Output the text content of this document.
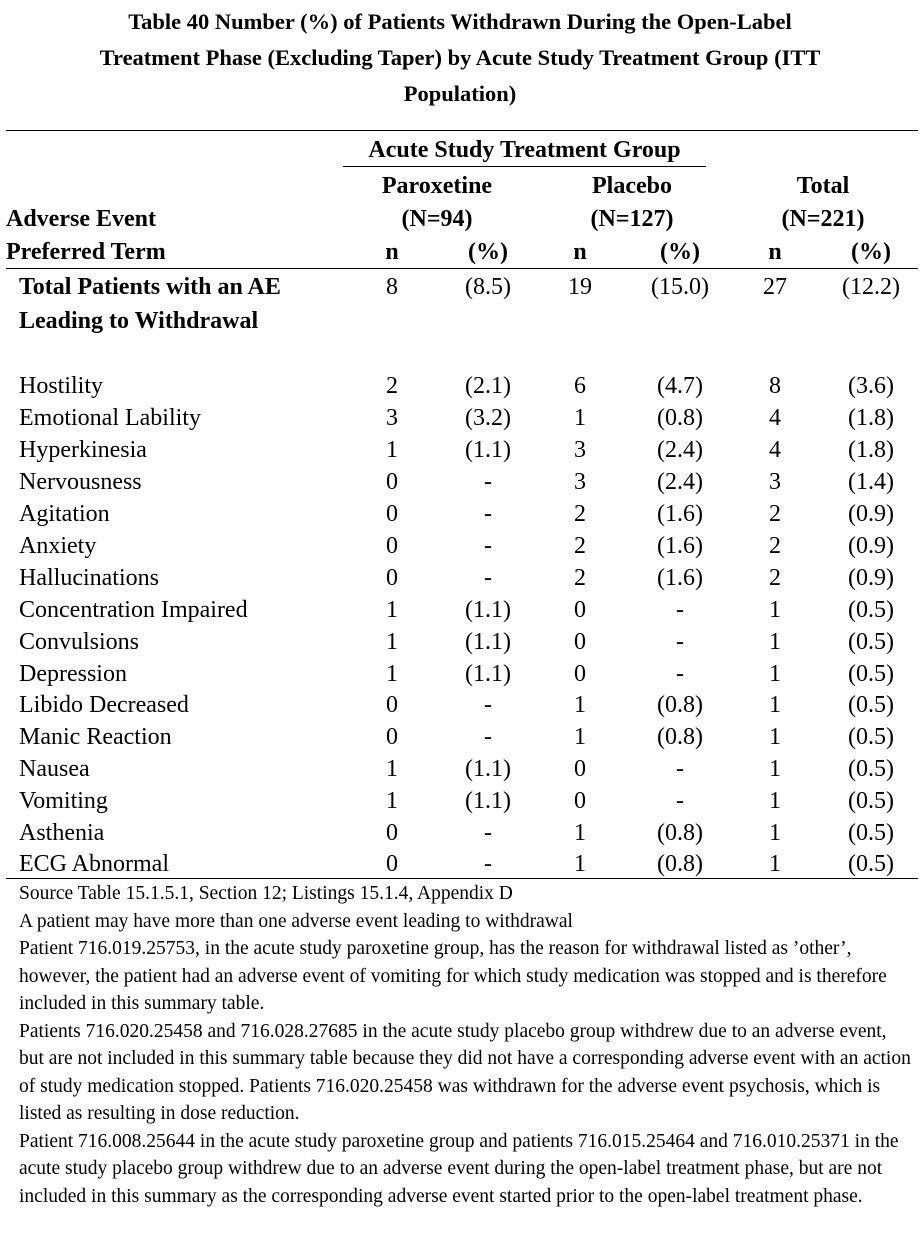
Table 40 Number (%) of Patients Withdrawn During the Open-Label
Treatment Phase (Excluding Taper) by Acute Study Treatment Group (ITT
Population)
Acute Study Treatment Group
Paroxetine	Placebo	Total
Adverse Event	(N=94)	(N=127)	(N=221)
Preferred Term	n	(%)	n	(%)	n	(%)
Total Patients with an AE
Leading to Withdrawal
8	(8.5)	19	(15.0)	27	(12.2)
Hostility	2	(2.1)	6	(4.7)	8	(3.6)
Emotional Lability	3	(3.2)	1	(0.8)	4	(1.8)
Hyperkinesia	1	(1.1)	3	(2.4)	4	(1.8)
Nervousness	0	-	3	(2.4)	3	(1.4)
Agitation	0	-	2	(1.6)	2	(0.9)
Anxiety	0	-	2	(1.6)	2	(0.9)
Hallucinations	0	-	2	(1.6)	2	(0.9)
Concentration Impaired	1	(1.1)	0	-	1	(0.5)
Convulsions	1	(1.1)	0	-	1	(0.5)
Depression	1	(1.1)	0	-	1	(0.5)
Libido Decreased	0	-	1	(0.8)	1	(0.5)
Manic Reaction	0	-	1	(0.8)	1	(0.5)
Nausea	1	(1.1)	0	-	1	(0.5)
Vomiting	1	(1.1)	0	-	1	(0.5)
Asthenia	0	-	1	(0.8)	1	(0.5)
ECG Abnormal	0	-	1	(0.8)	1	(0.5)
Source Table 15.1.5.1, Section 12; Listings 15.1.4, Appendix D
A patient may have more than one adverse event leading to withdrawal
Patient 716.019.25753, in the acute study paroxetine group, has the reason for withdrawal listed as ’other’, however, the patient had an adverse event of vomiting for which study medication was stopped and is therefore included in this summary table.
Patients 716.020.25458 and 716.028.27685 in the acute study placebo group withdrew due to an adverse event, but are not included in this summary table because they did not have a corresponding adverse event with an action of study medication stopped. Patients 716.020.25458 was withdrawn for the adverse event psychosis, which is listed as resulting in dose reduction.
Patient 716.008.25644 in the acute study paroxetine group and patients 716.015.25464 and 716.010.25371 in the acute study placebo group withdrew due to an adverse event during the open-label treatment phase, but are not included in this summary as the corresponding adverse event started prior to the open-label treatment phase.
